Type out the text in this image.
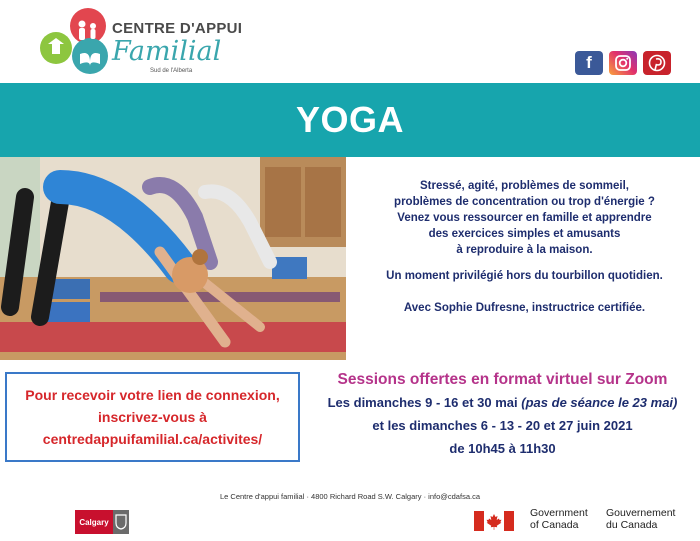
CENTRE D'APPUI
Familial
Sud de l'Alberta	f
YOGA

Stressé, agité, problèmes de sommeil,

problèmes de concentration ou trop d'énergie ?

Venez vous ressourcer en famille et apprendre

des exercices simples et amusants

à reproduire à la maison.

Un moment privilégié hors du tourbillon quotidien.

Avec Sophie Dufresne, instructrice certifiée.

Pour recevoir votre lien de connexion,
inscrivez-vous à
centredappuifamilial.ca/activites/
Sessions offertes en format virtuel sur Zoom
Les dimanches 9 - 16 et 30 mai (pas de séance le 23 mai)
et les dimanches 6 - 13 - 20 et 27 juin 2021
de 10h45 à 11h30
Le Centre d'appui familial · 4800 Richard Road S.W. Calgary · info@cdafsa.ca
Calgary
Government
of Canada
Gouvernement
du Canada
